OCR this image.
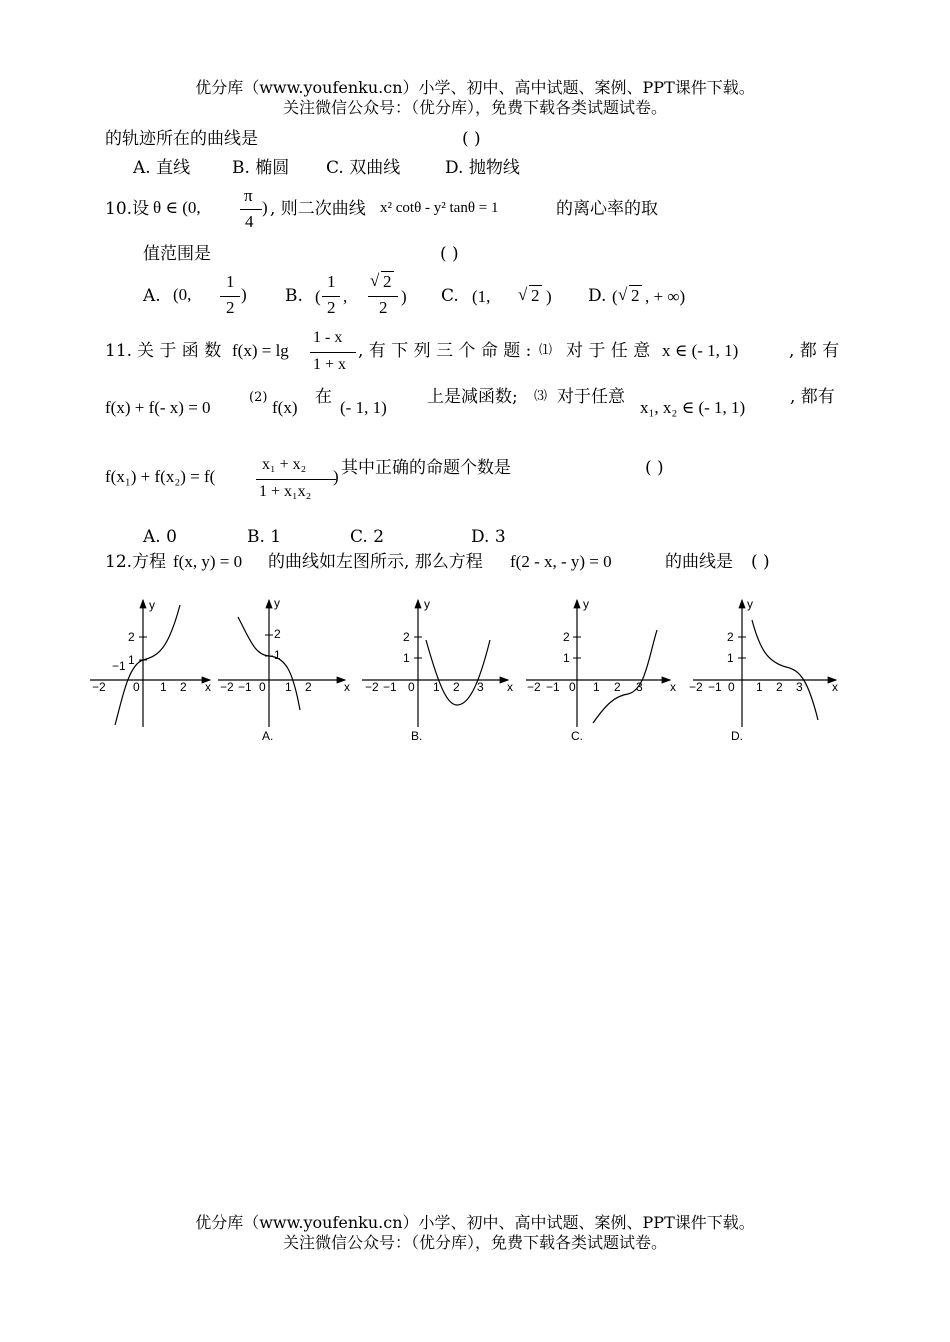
优分库（www.youfenku.cn）小学、初中、高中试题、案例、PPT课件下载。
关注微信公众号：（优分库），免费下载各类试题试卷。
的轨迹所在的曲线是	( )
A. 直线 B. 椭圆 C. 双曲线	D. 抛物线
10. 设 θ ∈ (0,
π
4
) , 则二次曲线 x² cotθ - y² tanθ = 1	的离心率的取
值范围是	( )
A. (0,
1
2
) B. (
1
2
,
√ 2
2
) C. (1, √ 2 ) D. ( √ 2 , + ∞)
11. 关 于 函 数 f(x) = lg
1 - x
1 + x
, 有 下 列 三 个 命 题 : ⑴ 对 于 任 意 x ∈ (- 1, 1)	, 都 有
f(x) + f(- x) = 0
(2)
f(x)
在
(- 1, 1)
上是减函数; ⑶ 对于任意
x₁, x₂ ∈ (- 1, 1)
, 都有
f(x₁) + f(x₂) = f(
x₁ + x₂
1 + x₁x₂
) 其中正确的命题个数是	( )
A. 0	B. 1	C. 2	D. 3
12. 方程 f(x, y) = 0 的曲线如左图所示, 那么方程 f(2 - x, - y) = 0	的曲线是 ( )
y
x
2
1
−1
−2 0 1 2
y
x
2
1
−2 −1 0 1 2
A.
y
x
2
1
−2 −1 0 1 2 3
B.
y
x
2
1
−2 −1 0 1 2 3
C.
y
x
2
1
−2 −1 0 1 2 3
D.
优分库（www.youfenku.cn）小学、初中、高中试题、案例、PPT课件下载。
关注微信公众号：（优分库），免费下载各类试题试卷。
